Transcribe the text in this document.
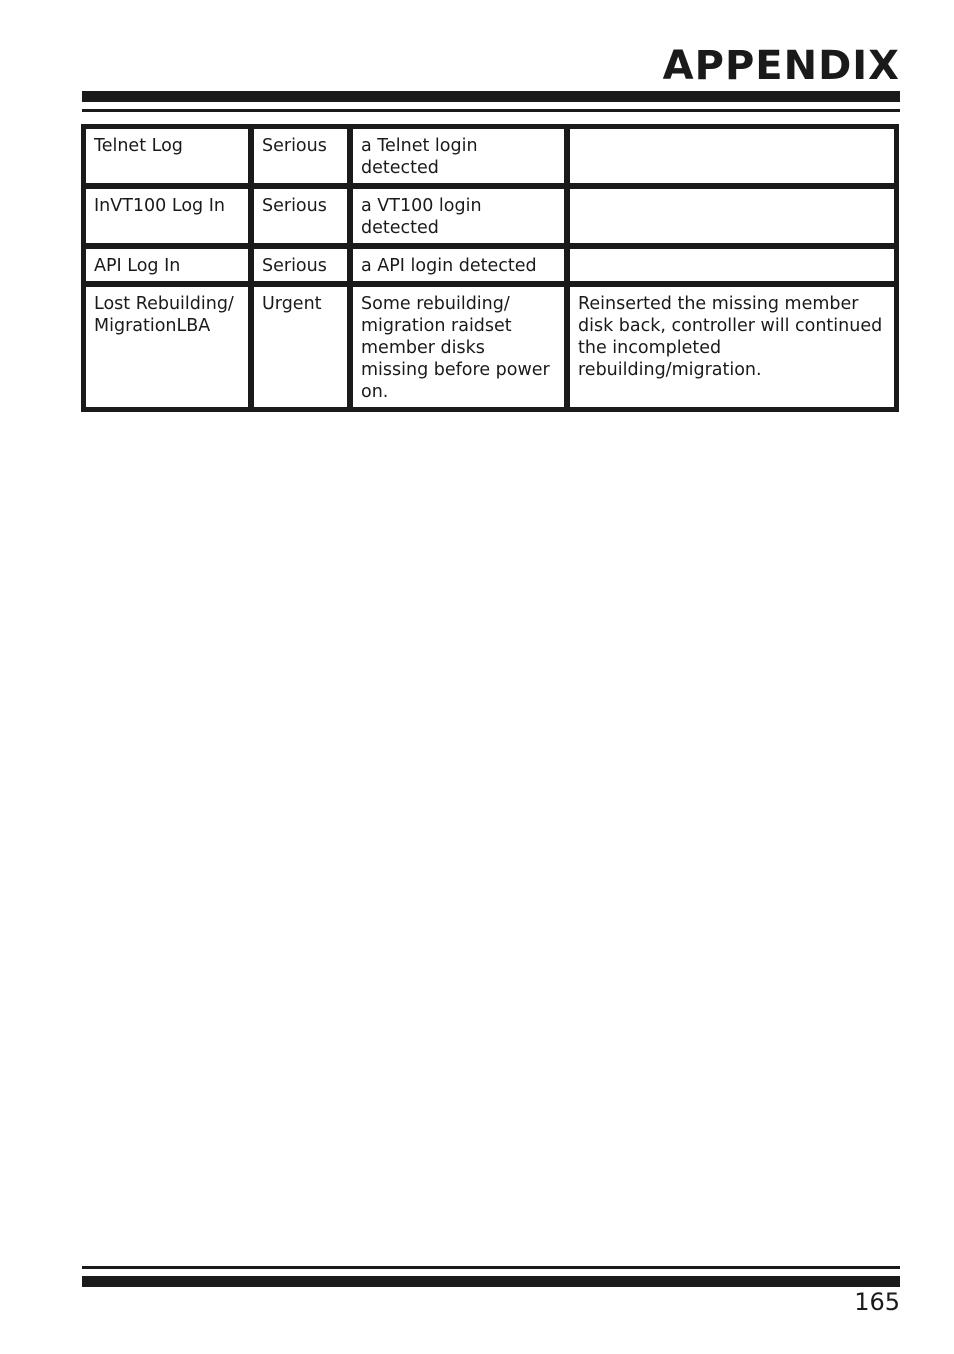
APPENDIX
Telnet Log	Serious	a Telnet login detected	
InVT100 Log In	Serious	a VT100 login detected	
API Log In	Serious	a API login detected	
Lost Rebuilding/ MigrationLBA	Urgent	Some rebuilding/ migration raidset member disks missing before power on.	Reinserted the missing member disk back, controller will continued the incompleted rebuilding/migration.
165
